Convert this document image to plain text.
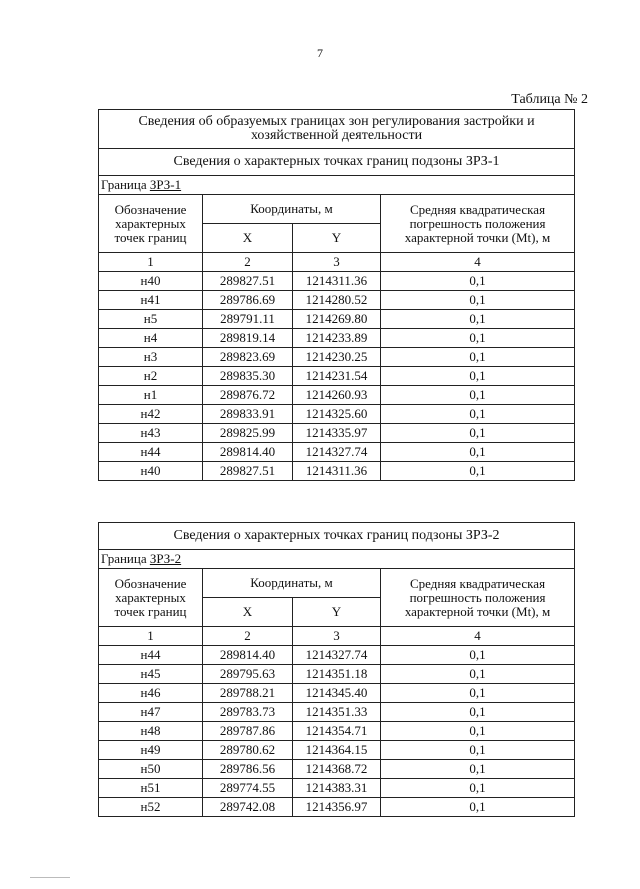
7
Таблица № 2
Сведения об образуемых границах зон регулирования застройки и хозяйственной деятельности			
Сведения о характерных точках границ подзоны ЗРЗ-1			
Граница ЗРЗ-1			
Обозначение характерных точек границ	Координаты, м		Средняя квадратическая погрешность положения характерной точки (Mt), м
	X	Y	
1	2	3	4
н40	289827.51	1214311.36	0,1
н41	289786.69	1214280.52	0,1
н5	289791.11	1214269.80	0,1
н4	289819.14	1214233.89	0,1
н3	289823.69	1214230.25	0,1
н2	289835.30	1214231.54	0,1
н1	289876.72	1214260.93	0,1
н42	289833.91	1214325.60	0,1
н43	289825.99	1214335.97	0,1
н44	289814.40	1214327.74	0,1
н40	289827.51	1214311.36	0,1
Сведения о характерных точках границ подзоны ЗРЗ-2			
Граница ЗРЗ-2			
Обозначение характерных точек границ	Координаты, м		Средняя квадратическая погрешность положения характерной точки (Mt), м
	X	Y	
1	2	3	4
н44	289814.40	1214327.74	0,1
н45	289795.63	1214351.18	0,1
н46	289788.21	1214345.40	0,1
н47	289783.73	1214351.33	0,1
н48	289787.86	1214354.71	0,1
н49	289780.62	1214364.15	0,1
н50	289786.56	1214368.72	0,1
н51	289774.55	1214383.31	0,1
н52	289742.08	1214356.97	0,1
